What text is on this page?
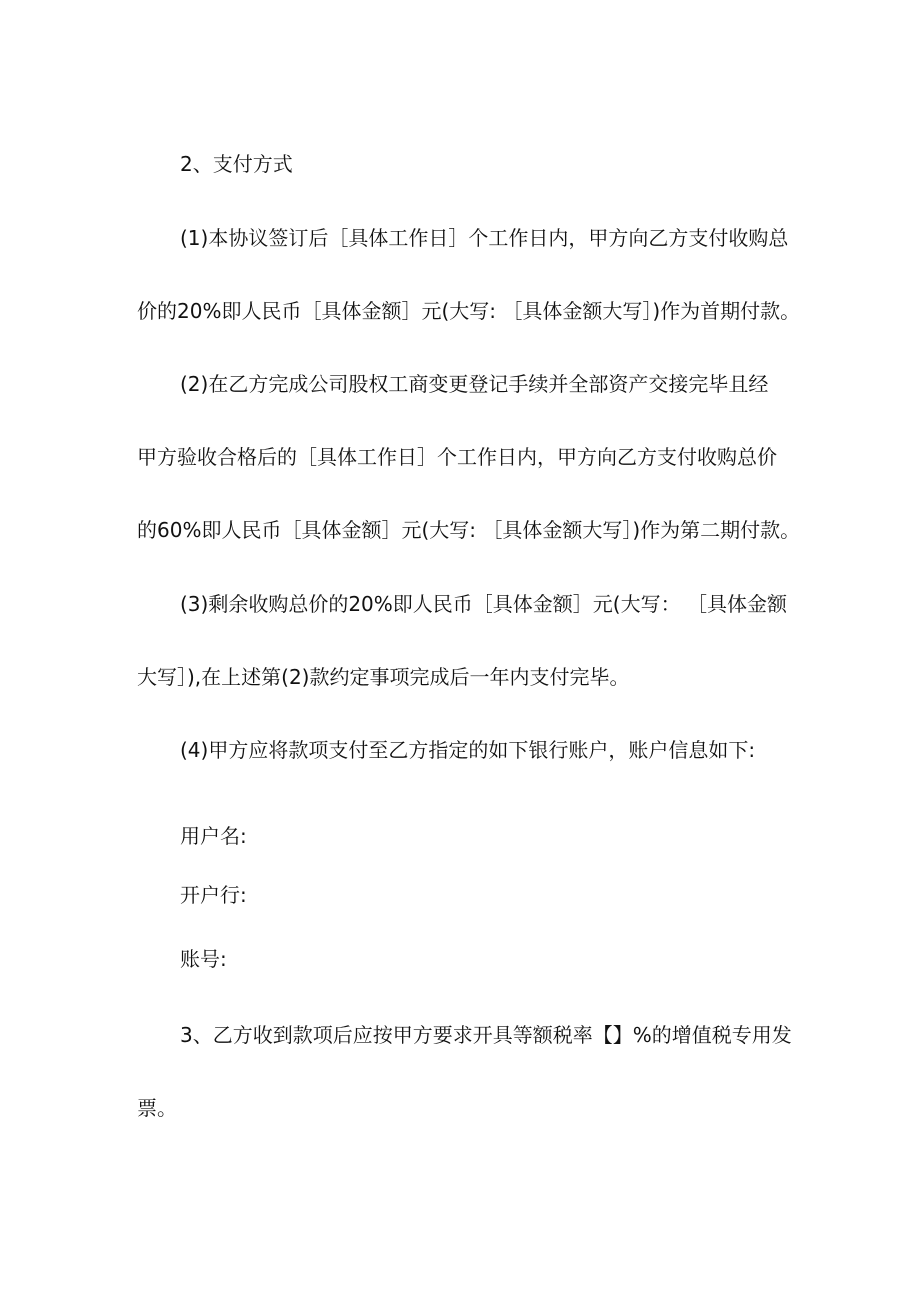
2、支付方式
(1)本协议签订后［具体工作日］个工作日内，甲方向乙方支付收购总
价的20%即人民币［具体金额］元(大写: ［具体金额大写］)作为首期付款。
(2)在乙方完成公司股权工商变更登记手续并全部资产交接完毕且经
甲方验收合格后的［具体工作日］个工作日内，甲方向乙方支付收购总价
的60%即人民币［具体金额］元(大写: ［具体金额大写］)作为第二期付款。
(3)剩余收购总价的20%即人民币［具体金额］元(大写： ［具体金额
大写］),在上述第(2)款约定事项完成后一年内支付完毕。
(4)甲方应将款项支付至乙方指定的如下银行账户，账户信息如下:
用户名:
开户行:
账号:
3、乙方收到款项后应按甲方要求开具等额税率【】%的增值税专用发
票。
